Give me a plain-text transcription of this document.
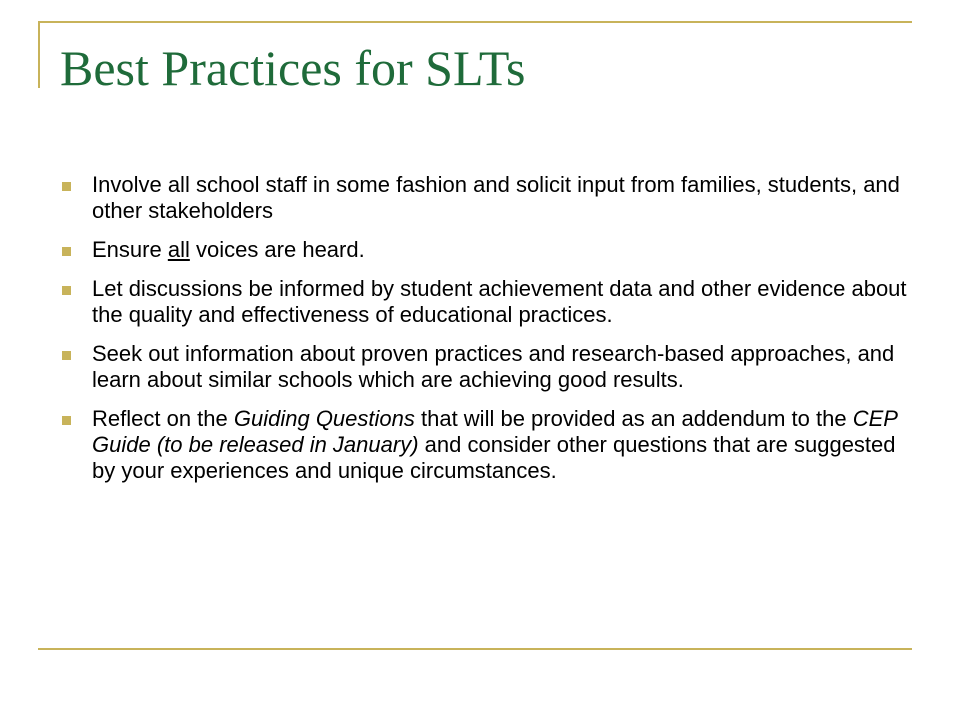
Best Practices for SLTs
Involve all school staff in some fashion and solicit input from families, students, and other stakeholders
Ensure all voices are heard.
Let discussions be informed by student achievement data and other evidence about the quality and effectiveness of educational practices.
Seek out information about proven practices and research-based approaches, and learn about similar schools which are achieving good results.
Reflect on the Guiding Questions that will be provided as an addendum to the CEP Guide (to be released in January) and consider other questions that are suggested by your experiences and unique circumstances.
